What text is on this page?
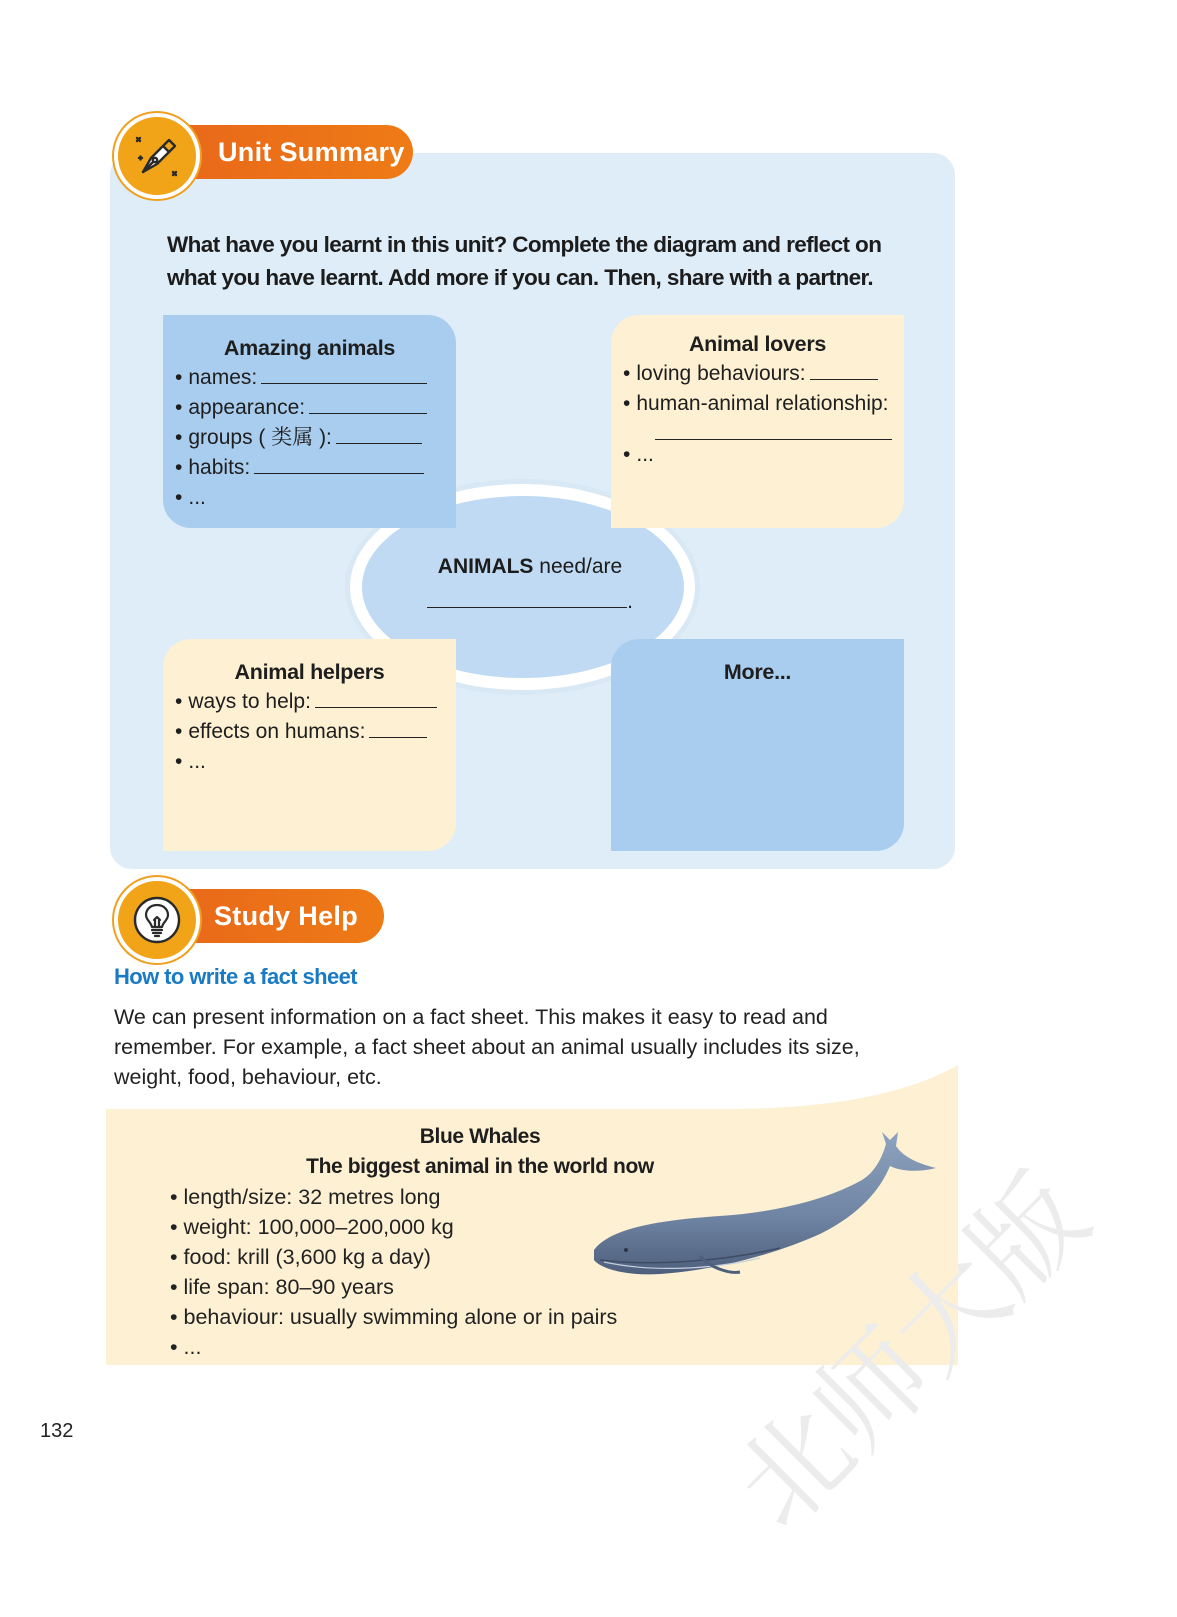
Unit Summary
What have you learnt in this unit? Complete the diagram and reflect on what you have learnt. Add more if you can. Then, share with a partner.
Amazing animals
• names:
• appearance:
• groups ( 类属 ):
• habits:
• ...
Animal lovers
• loving behaviours:
• human-animal relationship:
• ...
ANIMALS need/are
.
Animal helpers
• ways to help:
• effects on humans:
• ...
More...
Study Help
How to write a fact sheet
We can present information on a fact sheet. This makes it easy to read and remember. For example, a fact sheet about an animal usually includes its size, weight, food, behaviour, etc.
Blue Whales
The biggest animal in the world now
• length/size: 32 metres long
• weight: 100,000–200,000 kg
• food: krill (3,600 kg a day)
• life span: 80–90 years
• behaviour: usually swimming alone or in pairs
• ...
132	北师大版
